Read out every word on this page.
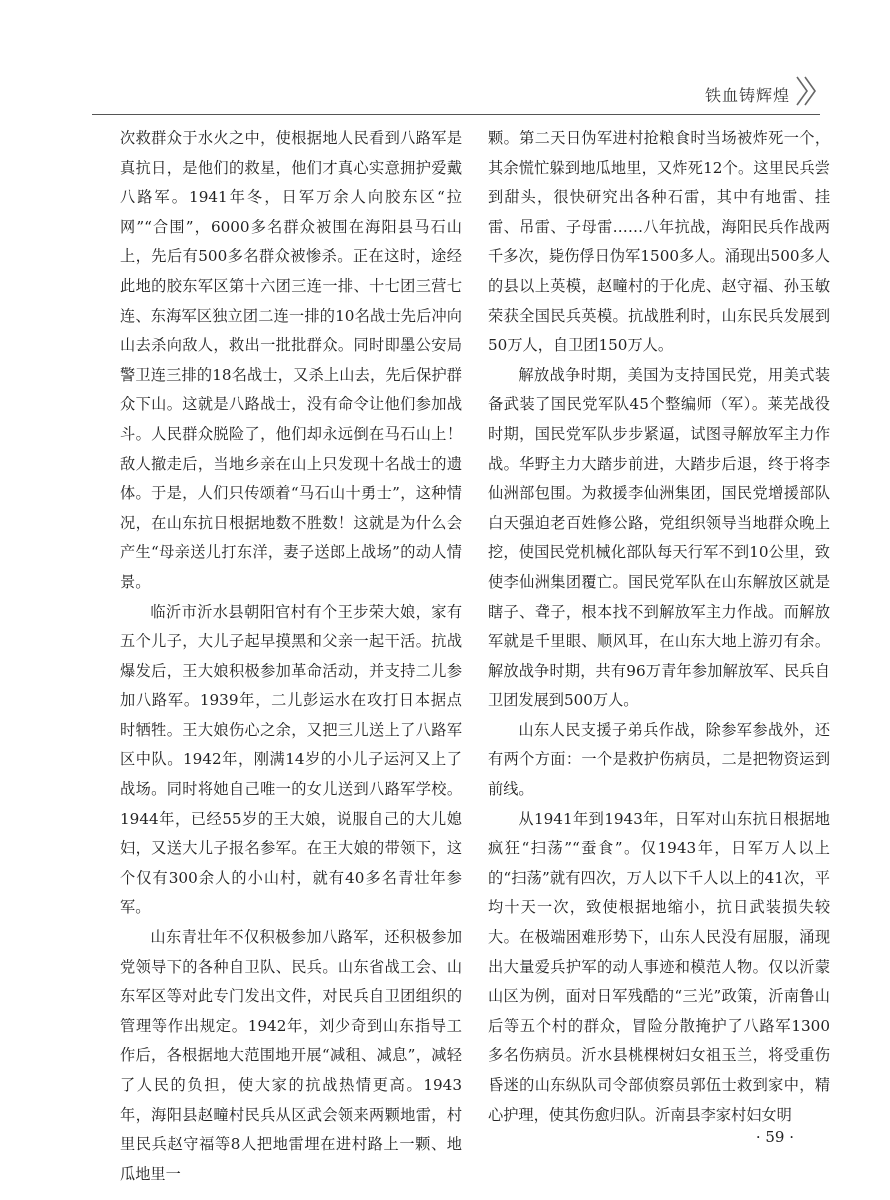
铁血铸辉煌

次救群众于水火之中，使根据地人民看到八路军是真抗日，是他们的救星，他们才真心实意拥护爱戴八路军。1941年冬，日军万余人向胶东区“拉网”“合围”，6000多名群众被围在海阳县马石山上，先后有500多名群众被惨杀。正在这时，途经此地的胶东军区第十六团三连一排、十七团三营七连、东海军区独立团二连一排的10名战士先后冲向山去杀向敌人，救出一批批群众。同时即墨公安局警卫连三排的18名战士，又杀上山去，先后保护群众下山。这就是八路战士，没有命令让他们参加战斗。人民群众脱险了，他们却永远倒在马石山上！敌人撤走后，当地乡亲在山上只发现十名战士的遗体。于是，人们只传颂着“马石山十勇士”，这种情况，在山东抗日根据地数不胜数！这就是为什么会产生“母亲送儿打东洋，妻子送郎上战场”的动人情景。

临沂市沂水县朝阳官村有个王步荣大娘，家有五个儿子，大儿子起早摸黑和父亲一起干活。抗战爆发后，王大娘积极参加革命活动，并支持二儿参加八路军。1939年，二儿彭运水在攻打日本据点时牺牲。王大娘伤心之余，又把三儿送上了八路军区中队。1942年，刚满14岁的小儿子运河又上了战场。同时将她自己唯一的女儿送到八路军学校。1944年，已经55岁的王大娘，说服自己的大儿媳妇，又送大儿子报名参军。在王大娘的带领下，这个仅有300余人的小山村，就有40多名青壮年参军。

山东青壮年不仅积极参加八路军，还积极参加党领导下的各种自卫队、民兵。山东省战工会、山东军区等对此专门发出文件，对民兵自卫团组织的管理等作出规定。1942年，刘少奇到山东指导工作后，各根据地大范围地开展“减租、减息”，减轻了人民的负担，使大家的抗战热情更高。1943年，海阳县赵疃村民兵从区武会领来两颗地雷，村里民兵赵守福等8人把地雷埋在进村路上一颗、地瓜地里一

颗。第二天日伪军进村抢粮食时当场被炸死一个，其余慌忙躲到地瓜地里，又炸死12个。这里民兵尝到甜头，很快研究出各种石雷，其中有地雷、挂雷、吊雷、子母雷……八年抗战，海阳民兵作战两千多次，毙伤俘日伪军1500多人。涌现出500多人的县以上英模，赵疃村的于化虎、赵守福、孙玉敏荣获全国民兵英模。抗战胜利时，山东民兵发展到50万人，自卫团150万人。

解放战争时期，美国为支持国民党，用美式装备武装了国民党军队45个整编师（军）。莱芜战役时期，国民党军队步步紧逼，试图寻解放军主力作战。华野主力大踏步前进，大踏步后退，终于将李仙洲部包围。为救援李仙洲集团，国民党增援部队白天强迫老百姓修公路，党组织领导当地群众晚上挖，使国民党机械化部队每天行军不到10公里，致使李仙洲集团覆亡。国民党军队在山东解放区就是瞎子、聋子，根本找不到解放军主力作战。而解放军就是千里眼、顺风耳，在山东大地上游刃有余。解放战争时期，共有96万青年参加解放军、民兵自卫团发展到500万人。

山东人民支援子弟兵作战，除参军参战外，还有两个方面：一个是救护伤病员，二是把物资运到前线。

从1941年到1943年，日军对山东抗日根据地疯狂“扫荡”“蚕食”。仅1943年，日军万人以上的“扫荡”就有四次，万人以下千人以上的41次，平均十天一次，致使根据地缩小，抗日武装损失较大。在极端困难形势下，山东人民没有屈服，涌现出大量爱兵护军的动人事迹和模范人物。仅以沂蒙山区为例，面对日军残酷的“三光”政策，沂南鲁山后等五个村的群众，冒险分散掩护了八路军1300多名伤病员。沂水县桃棵树妇女祖玉兰，将受重伤昏迷的山东纵队司令部侦察员郭伍士救到家中，精心护理，使其伤愈归队。沂南县李家村妇女明

· 59 ·
